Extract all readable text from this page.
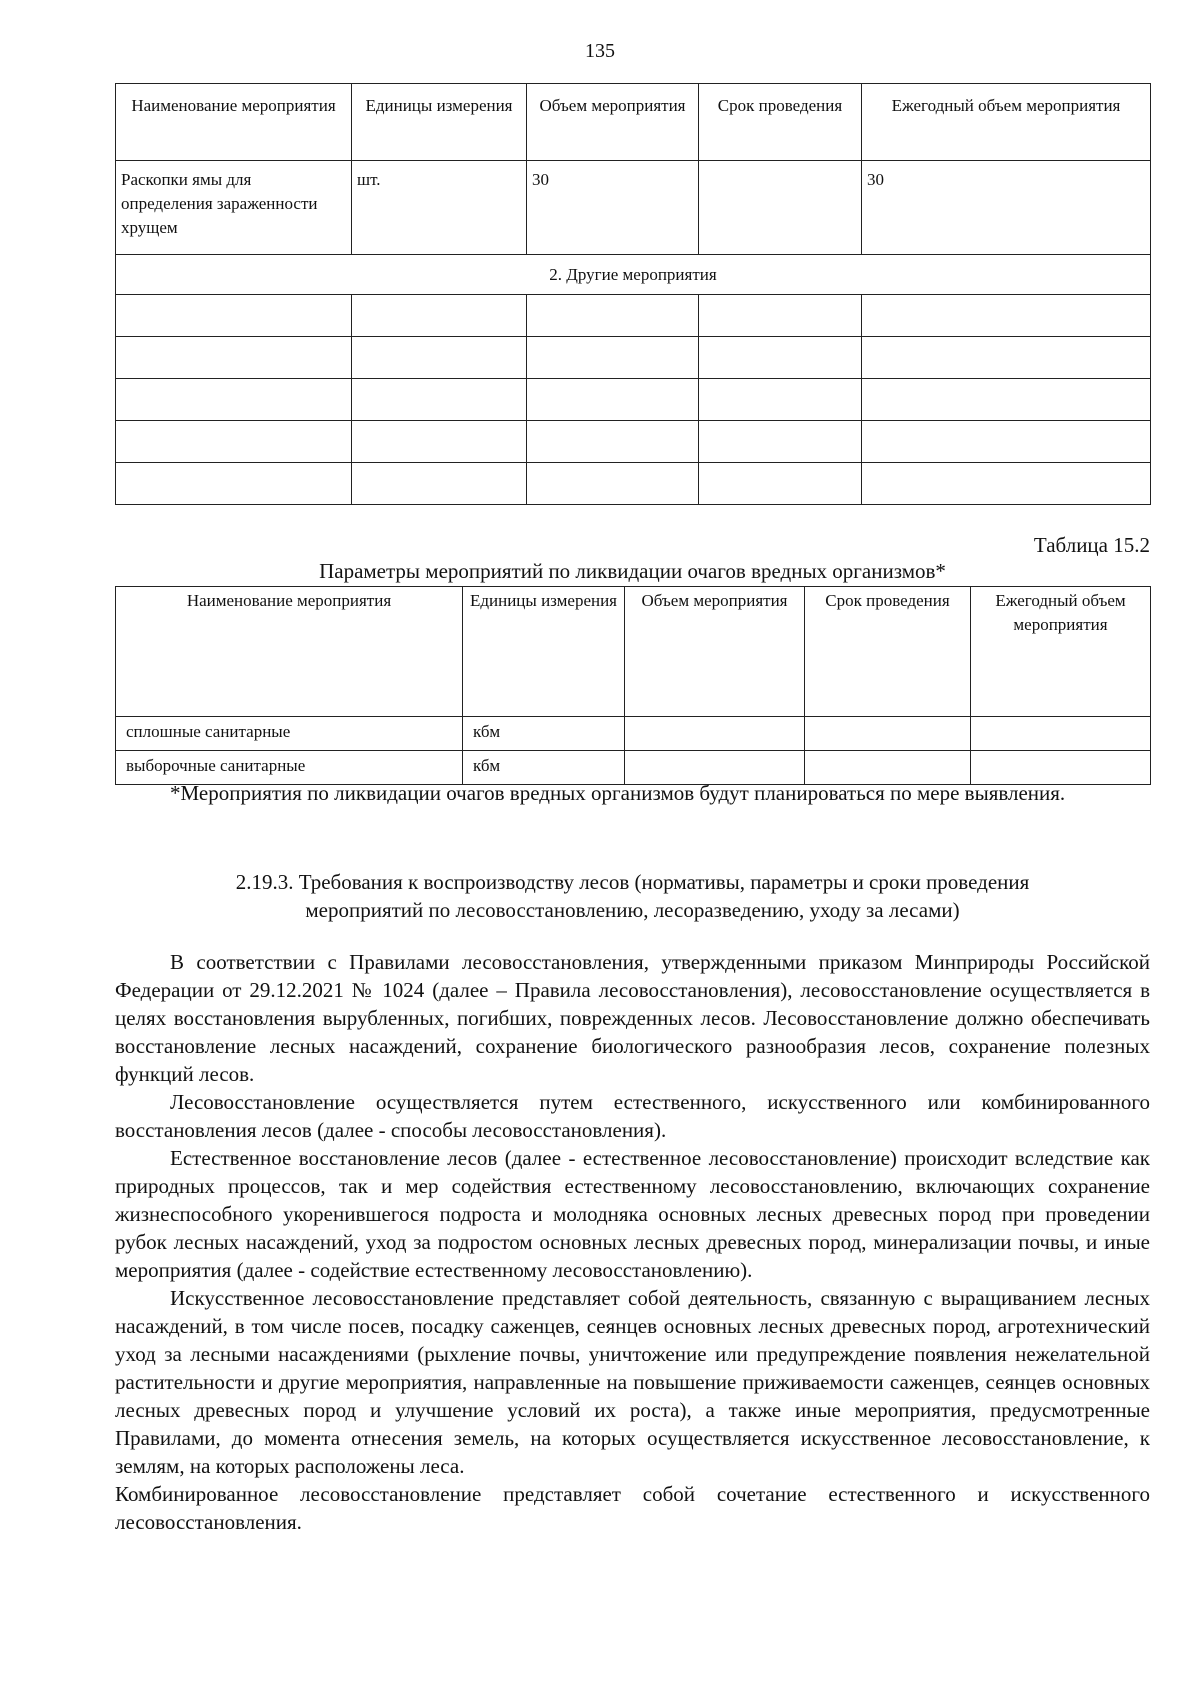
135
Наименование мероприятия	Единицы измерения	Объем мероприятия	Срок проведения	Ежегодный объем мероприятия
Раскопки ямы для определения зараженности хрущем	шт.	30		30
2. Другие мероприятия				

Таблица 15.2
Параметры мероприятий по ликвидации очагов вредных организмов*
Наименование мероприятия	Единицы измерения	Объем мероприятия	Срок проведения	Ежегодный объем мероприятия
сплошные санитарные	кбм			
выборочные санитарные	кбм			

*Мероприятия по ликвидации очагов вредных организмов будут планироваться по мере выявления.

2.19.3. Требования к воспроизводству лесов (нормативы, параметры и сроки проведения
мероприятий по лесовосстановлению, лесоразведению, уходу за лесами)

В соответствии с Правилами лесовосстановления, утвержденными приказом Минприроды Российской Федерации от 29.12.2021 № 1024 (далее – Правила лесовосстановления), лесовосстановление осуществляется в целях восстановления вырубленных, погибших, поврежденных лесов. Лесовосстановление должно обеспечивать восстановление лесных насаждений, сохранение биологического разнообразия лесов, сохранение полезных функций лесов.

Лесовосстановление осуществляется путем естественного, искусственного или комбинированного восстановления лесов (далее - способы лесовосстановления).

Естественное восстановление лесов (далее - естественное лесовосстановление) происходит вследствие как природных процессов, так и мер содействия естественному лесовосстановлению, включающих сохранение жизнеспособного укоренившегося подроста и молодняка основных лесных древесных пород при проведении рубок лесных насаждений, уход за подростом основных лесных древесных пород, минерализации почвы, и иные мероприятия (далее - содействие естественному лесовосстановлению).

Искусственное лесовосстановление представляет собой деятельность, связанную с выращиванием лесных насаждений, в том числе посев, посадку саженцев, сеянцев основных лесных древесных пород, агротехнический уход за лесными насаждениями (рыхление почвы, уничтожение или предупреждение появления нежелательной растительности и другие мероприятия, направленные на повышение приживаемости саженцев, сеянцев основных лесных древесных пород и улучшение условий их роста), а также иные мероприятия, предусмотренные Правилами, до момента отнесения земель, на которых осуществляется искусственное лесовосстановление, к землям, на которых расположены леса.

Комбинированное лесовосстановление представляет собой сочетание естественного и искусственного лесовосстановления.
